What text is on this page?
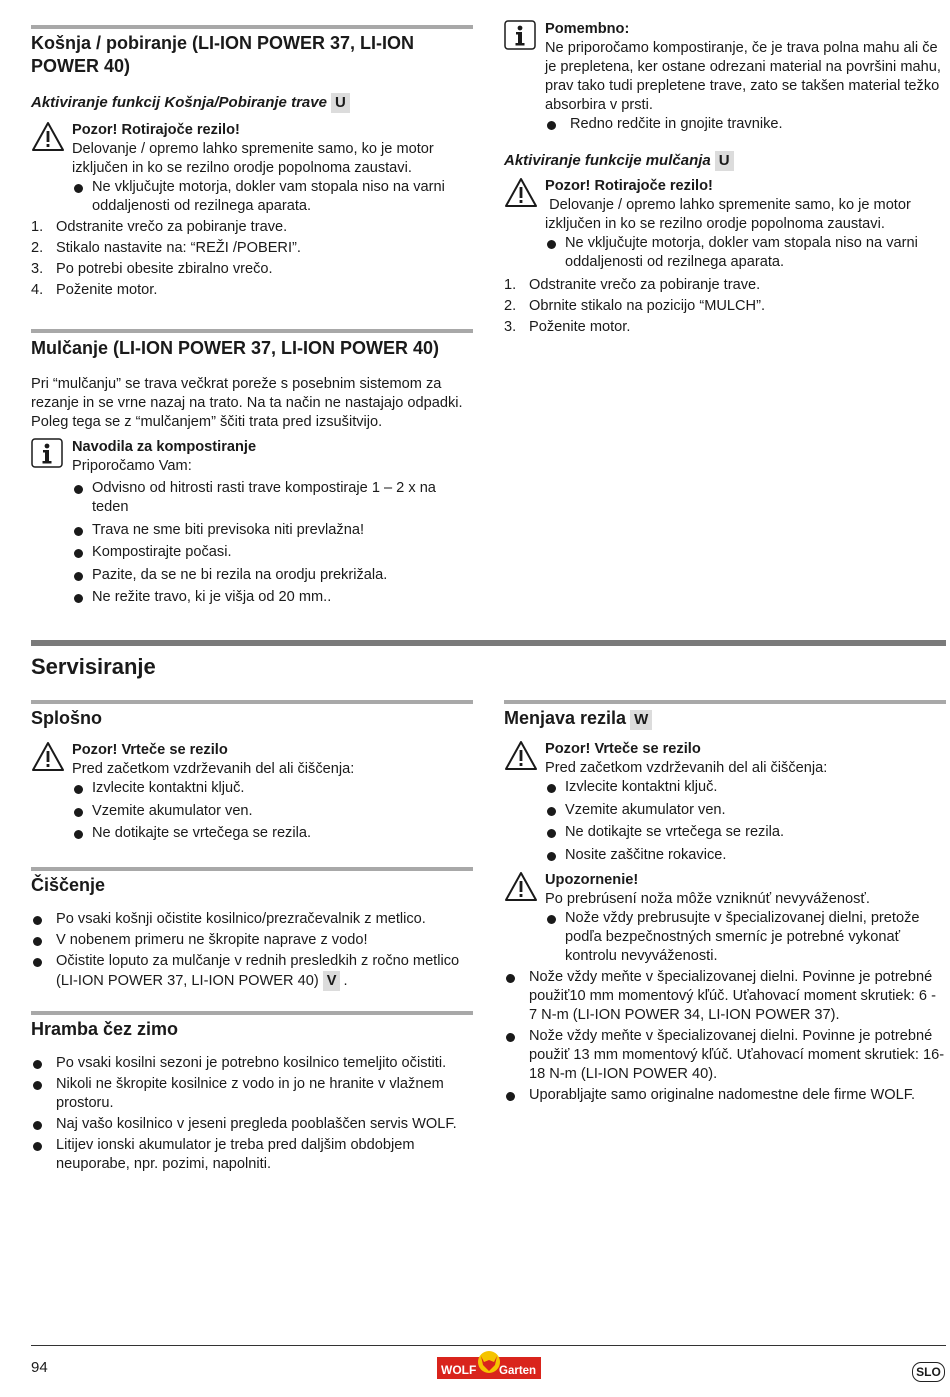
Košnja / pobiranje (LI-ION POWER 37, LI-ION POWER 40)
Aktiviranje funkcij Košnja/Pobiranje trave U
Pozor! Rotirajoče rezilo!
Delovanje / opremo lahko spremenite samo, ko je motor izključen in ko se rezilno orodje popolnoma zaustavi.
Ne vključujte motorja, dokler vam stopala niso na varni oddaljenosti od rezilnega aparata.
1. Odstranite vrečo za pobiranje trave.
2. Stikalo nastavite na: “REŽI /POBERI”.
3. Po potrebi obesite zbiralno vrečo.
4. Poženite motor.
Mulčanje (LI-ION POWER 37, LI-ION POWER 40)

Pri “mulčanju” se trava večkrat poreže s posebnim sistemom za rezanje in se vrne nazaj na trato. Na ta način ne nastajajo odpadki. Poleg tega se z “mulčanjem” ščiti trata pred izsušitvijo.

Navodila za kompostiranje
Priporočamo Vam:
Odvisno od hitrosti rasti trave kompostiraje 1 – 2 x na teden
Trava ne sme biti previsoka niti prevlažna!
Kompostirajte počasi.
Pazite, da se ne bi rezila na orodju prekrižala.
Ne režite travo, ki je višja od 20 mm..
Pomembno:
Ne priporočamo kompostiranje, če je trava polna mahu ali če je prepletena, ker ostane odrezani material na površini mahu, prav tako tudi prepletene trave, zato se takšen material težko absorbira v prsti.
Redno redčite in gnojite travnike.
Aktiviranje funkcije mulčanja U
Pozor! Rotirajoče rezilo!
Delovanje / opremo lahko spremenite samo, ko je motor izključen in ko se rezilno orodje popolnoma zaustavi.
Ne vključujte motorja, dokler vam stopala niso na varni oddaljenosti od rezilnega aparata.
1. Odstranite vrečo za pobiranje trave.
2. Obrnite stikalo na pozicijo “MULCH”.
3. Poženite motor.
Servisiranje
Splošno
Pozor! Vrteče se rezilo
Pred začetkom vzdrževanih del ali čiščenja:
Izvlecite kontaktni ključ.
Vzemite akumulator ven.
Ne dotikajte se vrtečega se rezila.
Čiščenje
Po vsaki košnji očistite kosilnico/prezračevalnik z metlico.
V nobenem primeru ne škropite naprave z vodo!
Očistite loputo za mulčanje v rednih presledkih z ročno metlico (LI-ION POWER 37, LI-ION POWER 40) V .
Hramba čez zimo
Po vsaki kosilni sezoni je potrebno kosilnico temeljito očistiti.
Nikoli ne škropite kosilnice z vodo in jo ne hranite v vlažnem prostoru.
Naj vašo kosilnico v jeseni pregleda pooblaščen servis WOLF.
Litijev ionski akumulator je treba pred daljšim obdobjem neuporabe, npr. pozimi, napolniti.
Menjava rezila W
Pozor! Vrteče se rezilo
Pred začetkom vzdrževanih del ali čiščenja:
Izvlecite kontaktni ključ.
Vzemite akumulator ven.
Ne dotikajte se vrtečega se rezila.
Nosite zaščitne rokavice.
Upozornenie!
Po prebrúsení noža môže vzniknúť nevyváženosť.
Nože vždy prebrusujte v špecializovanej dielni, pretože podľa bezpečnostných smerníc je potrebné vykonať kontrolu nevyváženosti.
Nože vždy meňte v špecializovanej dielni. Povinne je potrebné použiť10 mm momentový kľúč. Uťahovací moment skrutiek: 6 - 7 N-m (LI-ION POWER 34, LI-ION POWER 37).
Nože vždy meňte v špecializovanej dielni. Povinne je potrebné použiť 13 mm momentový kľúč. Uťahovací moment skrutiek: 16-18 N-m (LI-ION POWER 40).
Uporabljajte samo originalne nadomestne dele firme WOLF.
94	WOLF Garten	SLO
